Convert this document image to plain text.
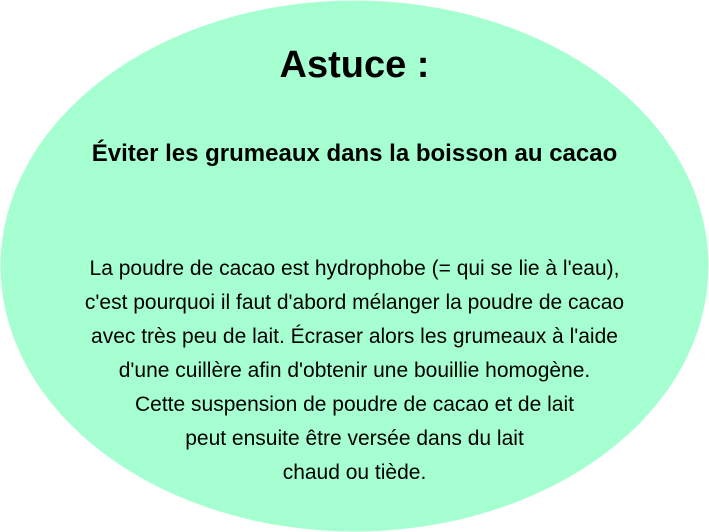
Astuce :
Éviter les grumeaux dans la boisson au cacao
La poudre de cacao est hydrophobe (= qui se lie à l'eau),
c'est pourquoi il faut d'abord mélanger la poudre de cacao
avec très peu de lait. Écraser alors les grumeaux à l'aide
d'une cuillère afin d'obtenir une bouillie homogène.
Cette suspension de poudre de cacao et de lait
peut ensuite être versée dans du lait
chaud ou tiède.
